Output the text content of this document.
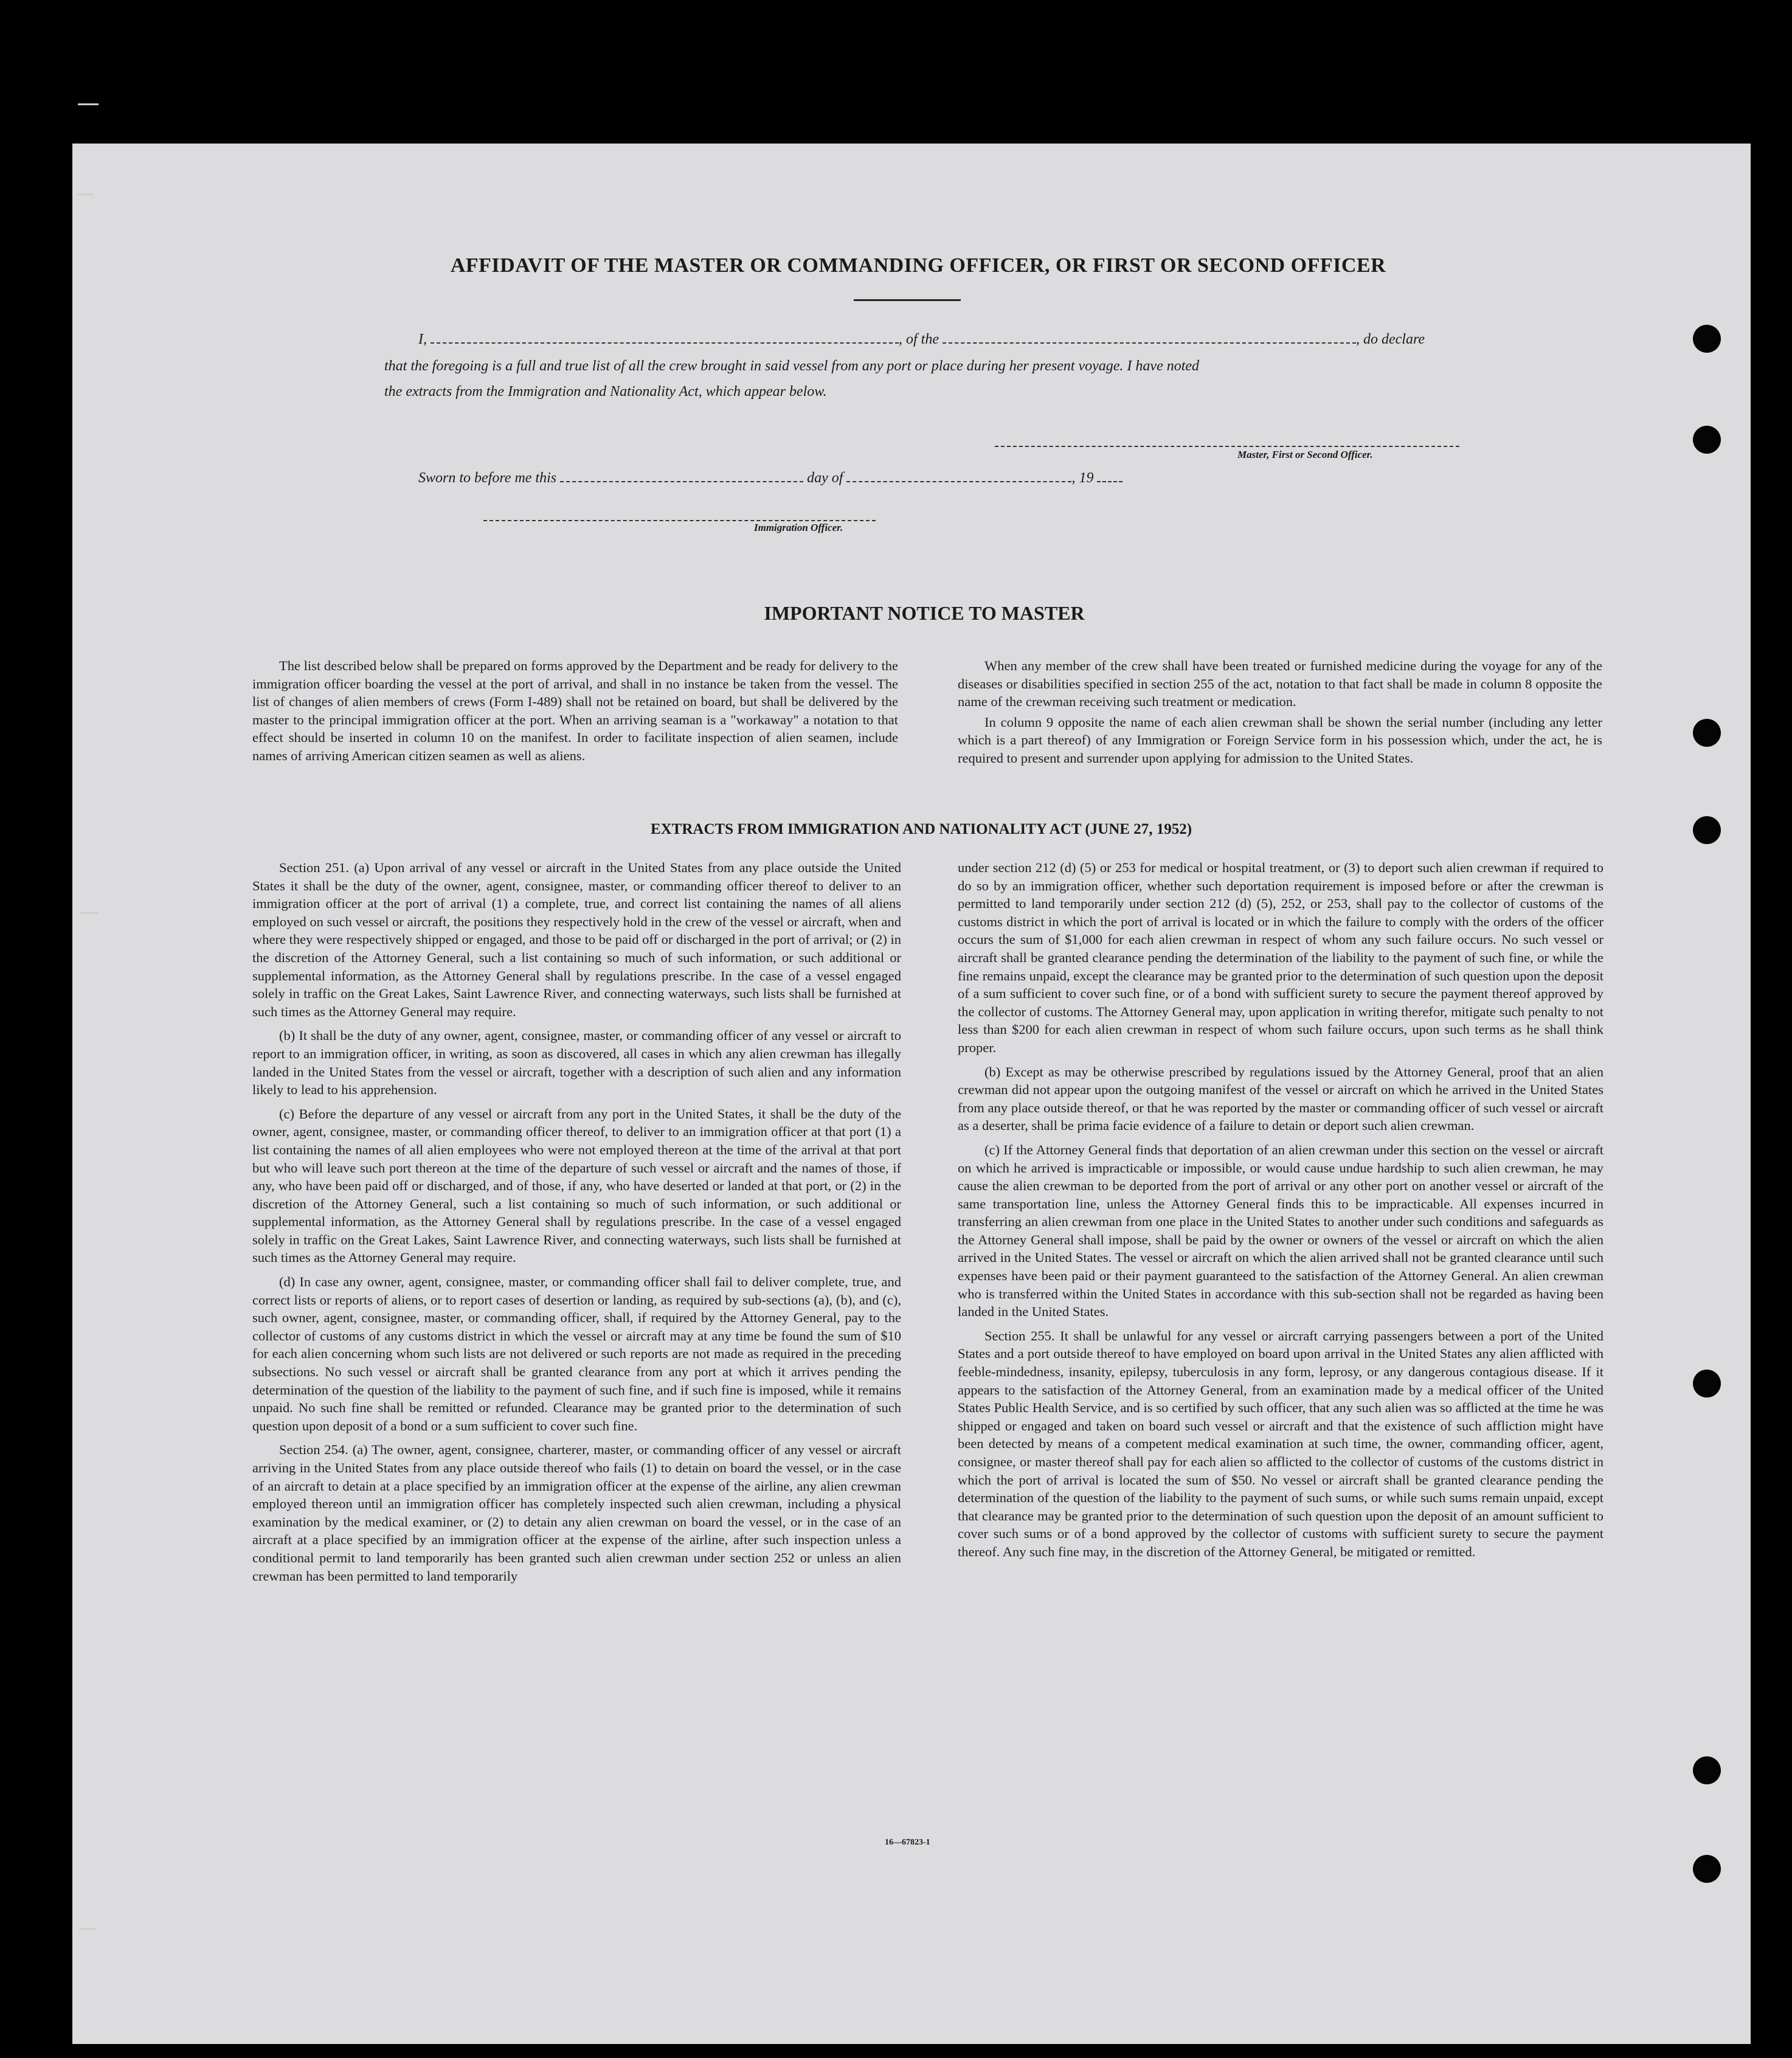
AFFIDAVIT OF THE MASTER OR COMMANDING OFFICER, OR FIRST OR SECOND OFFICER
I,	, of the	, do declare
that the foregoing is a full and true list of all the crew brought in said vessel from any port or place during her present voyage. I have noted
the extracts from the Immigration and Nationality Act, which appear below.
Master, First or Second Officer.
Sworn to before me this	day of	, 19
Immigration Officer.
IMPORTANT NOTICE TO MASTER

The list described below shall be prepared on forms approved by the Department and be ready for delivery to the immigration officer boarding the vessel at the port of arrival, and shall in no instance be taken from the vessel. The list of changes of alien members of crews (Form I-489) shall not be retained on board, but shall be delivered by the master to the principal immigration officer at the port. When an arriving seaman is a "workaway" a notation to that effect should be inserted in column 10 on the manifest. In order to facilitate inspection of alien seamen, include names of arriving American citizen seamen as well as aliens.

When any member of the crew shall have been treated or furnished medicine during the voyage for any of the diseases or disabilities specified in section 255 of the act, notation to that fact shall be made in column 8 opposite the name of the crewman receiving such treatment or medication.

In column 9 opposite the name of each alien crewman shall be shown the serial number (including any letter which is a part thereof) of any Immigration or Foreign Service form in his possession which, under the act, he is required to present and surrender upon applying for admission to the United States.

EXTRACTS FROM IMMIGRATION AND NATIONALITY ACT (JUNE 27, 1952)

Section 251. (a) Upon arrival of any vessel or aircraft in the United States from any place outside the United States it shall be the duty of the owner, agent, consignee, master, or commanding officer thereof to deliver to an immigration officer at the port of arrival (1) a complete, true, and correct list containing the names of all aliens employed on such vessel or aircraft, the positions they respectively hold in the crew of the vessel or aircraft, when and where they were respectively shipped or engaged, and those to be paid off or discharged in the port of arrival; or (2) in the discretion of the Attorney General, such a list containing so much of such information, or such additional or supplemental information, as the Attorney General shall by regulations prescribe. In the case of a vessel engaged solely in traffic on the Great Lakes, Saint Lawrence River, and connecting waterways, such lists shall be furnished at such times as the Attorney General may require.

(b) It shall be the duty of any owner, agent, consignee, master, or commanding officer of any vessel or aircraft to report to an immigration officer, in writing, as soon as discovered, all cases in which any alien crewman has illegally landed in the United States from the vessel or aircraft, together with a description of such alien and any information likely to lead to his apprehension.

(c) Before the departure of any vessel or aircraft from any port in the United States, it shall be the duty of the owner, agent, consignee, master, or commanding officer thereof, to deliver to an immigration officer at that port (1) a list containing the names of all alien employees who were not employed thereon at the time of the arrival at that port but who will leave such port thereon at the time of the departure of such vessel or aircraft and the names of those, if any, who have been paid off or discharged, and of those, if any, who have deserted or landed at that port, or (2) in the discretion of the Attorney General, such a list containing so much of such information, or such additional or supplemental information, as the Attorney General shall by regulations prescribe. In the case of a vessel engaged solely in traffic on the Great Lakes, Saint Lawrence River, and connecting waterways, such lists shall be furnished at such times as the Attorney General may require.

(d) In case any owner, agent, consignee, master, or commanding officer shall fail to deliver complete, true, and correct lists or reports of aliens, or to report cases of desertion or landing, as required by sub-sections (a), (b), and (c), such owner, agent, consignee, master, or commanding officer, shall, if required by the Attorney General, pay to the collector of customs of any customs district in which the vessel or aircraft may at any time be found the sum of $10 for each alien concerning whom such lists are not delivered or such reports are not made as required in the preceding subsections. No such vessel or aircraft shall be granted clearance from any port at which it arrives pending the determination of the question of the liability to the payment of such fine, and if such fine is imposed, while it remains unpaid. No such fine shall be remitted or refunded. Clearance may be granted prior to the determination of such question upon deposit of a bond or a sum sufficient to cover such fine.

Section 254. (a) The owner, agent, consignee, charterer, master, or commanding officer of any vessel or aircraft arriving in the United States from any place outside thereof who fails (1) to detain on board the vessel, or in the case of an aircraft to detain at a place specified by an immigration officer at the expense of the airline, any alien crewman employed thereon until an immigration officer has completely inspected such alien crewman, including a physical examination by the medical examiner, or (2) to detain any alien crewman on board the vessel, or in the case of an aircraft at a place specified by an immigration officer at the expense of the airline, after such inspection unless a conditional permit to land temporarily has been granted such alien crewman under section 252 or unless an alien crewman has been permitted to land temporarily

under section 212 (d) (5) or 253 for medical or hospital treatment, or (3) to deport such alien crewman if required to do so by an immigration officer, whether such deportation requirement is imposed before or after the crewman is permitted to land temporarily under section 212 (d) (5), 252, or 253, shall pay to the collector of customs of the customs district in which the port of arrival is located or in which the failure to comply with the orders of the officer occurs the sum of $1,000 for each alien crewman in respect of whom any such failure occurs. No such vessel or aircraft shall be granted clearance pending the determination of the liability to the payment of such fine, or while the fine remains unpaid, except the clearance may be granted prior to the determination of such question upon the deposit of a sum sufficient to cover such fine, or of a bond with sufficient surety to secure the payment thereof approved by the collector of customs. The Attorney General may, upon application in writing therefor, mitigate such penalty to not less than $200 for each alien crewman in respect of whom such failure occurs, upon such terms as he shall think proper.

(b) Except as may be otherwise prescribed by regulations issued by the Attorney General, proof that an alien crewman did not appear upon the outgoing manifest of the vessel or aircraft on which he arrived in the United States from any place outside thereof, or that he was reported by the master or commanding officer of such vessel or aircraft as a deserter, shall be prima facie evidence of a failure to detain or deport such alien crewman.

(c) If the Attorney General finds that deportation of an alien crewman under this section on the vessel or aircraft on which he arrived is impracticable or impossible, or would cause undue hardship to such alien crewman, he may cause the alien crewman to be deported from the port of arrival or any other port on another vessel or aircraft of the same transportation line, unless the Attorney General finds this to be impracticable. All expenses incurred in transferring an alien crewman from one place in the United States to another under such conditions and safeguards as the Attorney General shall impose, shall be paid by the owner or owners of the vessel or aircraft on which the alien arrived in the United States. The vessel or aircraft on which the alien arrived shall not be granted clearance until such expenses have been paid or their payment guaranteed to the satisfaction of the Attorney General. An alien crewman who is transferred within the United States in accordance with this sub-section shall not be regarded as having been landed in the United States.

Section 255. It shall be unlawful for any vessel or aircraft carrying passengers between a port of the United States and a port outside thereof to have employed on board upon arrival in the United States any alien afflicted with feeble-mindedness, insanity, epilepsy, tuberculosis in any form, leprosy, or any dangerous contagious disease. If it appears to the satisfaction of the Attorney General, from an examination made by a medical officer of the United States Public Health Service, and is so certified by such officer, that any such alien was so afflicted at the time he was shipped or engaged and taken on board such vessel or aircraft and that the existence of such affliction might have been detected by means of a competent medical examination at such time, the owner, commanding officer, agent, consignee, or master thereof shall pay for each alien so afflicted to the collector of customs of the customs district in which the port of arrival is located the sum of $50. No vessel or aircraft shall be granted clearance pending the determination of the question of the liability to the payment of such sums, or while such sums remain unpaid, except that clearance may be granted prior to the determination of such question upon the deposit of an amount sufficient to cover such sums or of a bond approved by the collector of customs with sufficient surety to secure the payment thereof. Any such fine may, in the discretion of the Attorney General, be mitigated or remitted.

16—67823-1
